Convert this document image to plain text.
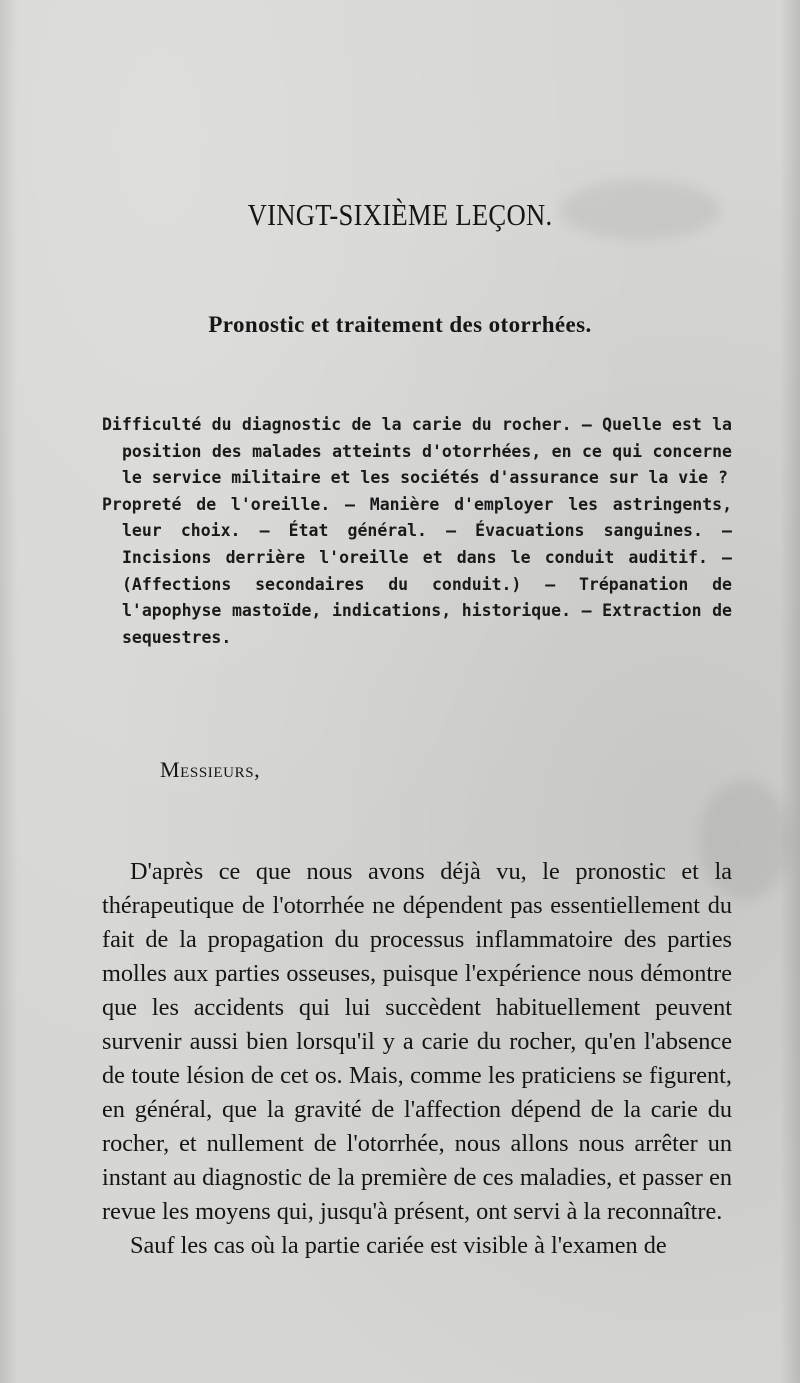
VINGT-SIXIÈME LEÇON.
Pronostic et traitement des otorrhées.

Difficulté du diagnostic de la carie du rocher. — Quelle est la position des malades atteints d'otorrhées, en ce qui concerne le service militaire et les sociétés d'assurance sur la vie ?

Propreté de l'oreille. — Manière d'employer les astringents, leur choix. — État général. — Évacuations sanguines. — Incisions derrière l'oreille et dans le conduit auditif. — (Affections secondaires du conduit.) — Trépanation de l'apophyse mastoïde, indications, historique. — Extraction de sequestres.

Messieurs,

D'après ce que nous avons déjà vu, le pronostic et la thérapeutique de l'otorrhée ne dépendent pas essentiellement du fait de la propagation du processus inflammatoire des parties molles aux parties osseuses, puisque l'expérience nous démontre que les accidents qui lui succèdent habituellement peuvent survenir aussi bien lorsqu'il y a carie du rocher, qu'en l'absence de toute lésion de cet os. Mais, comme les praticiens se figurent, en général, que la gravité de l'affection dépend de la carie du rocher, et nullement de l'otorrhée, nous allons nous arrêter un instant au diagnostic de la première de ces maladies, et passer en revue les moyens qui, jusqu'à présent, ont servi à la reconnaître.

Sauf les cas où la partie cariée est visible à l'examen de
